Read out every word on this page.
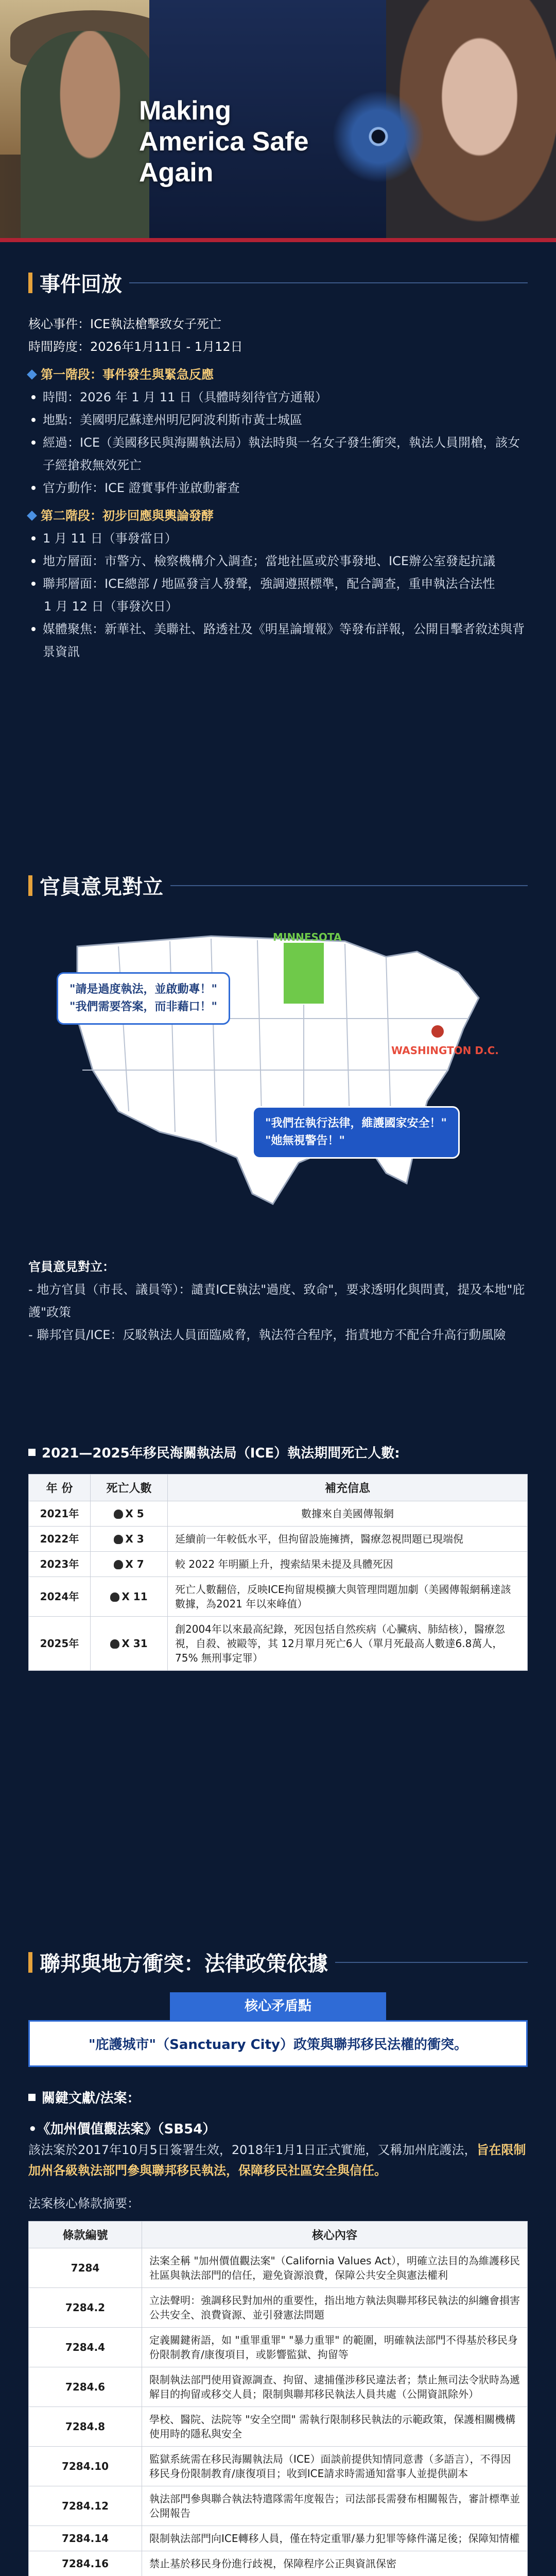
Making
America Safe
Again
事件回放
核心事件：ICE執法槍擊致女子死亡
時間跨度：2026年1月11日 - 1月12日
第一階段：事件發生與緊急反應
時間：2026 年 1 月 11 日（具體時刻待官方通報）
地點：美國明尼蘇達州明尼阿波利斯市黃士城區
經過：ICE（美國移民與海關執法局）執法時與一名女子發生衝突，執法人員開槍，該女子經搶救無效死亡
官方動作：ICE 證實事件並啟動審查
第二階段：初步回應與輿論發酵
1 月 11 日（事發當日）
地方層面：市警方、檢察機構介入調查；當地社區或於事發地、ICE辦公室發起抗議
聯邦層面：ICE總部 / 地區發言人發聲，強調遵照標準，配合調查，重申執法合法性
1 月 12 日（事發次日）
媒體聚焦：新華社、美聯社、路透社及《明星論壇報》等發布詳報，公開目擊者敘述與背景資訊
官員意見對立
MINNESOTA
WASHINGTON D.C.
"請是過度執法，並啟動專！"
"我們需要答案，而非藉口！"
"我們在執行法律，維護國家安全！"
"她無視警告！"
官員意見對立：
- 地方官員（市長、議員等）：譴責ICE執法"過度、致命"，要求透明化與問責，提及本地"庇護"政策
- 聯邦官員/ICE：反駁執法人員面臨威脅，執法符合程序，指責地方不配合升高行動風險
2021—2025年移民海關執法局（ICE）執法期間死亡人數:
年 份	死亡人數	補充信息
2021年	X 5	數據來自美國傳報網
2022年	X 3	延續前一年較低水平，但拘留設施擁擠，醫療忽視問題已現端倪
2023年	X 7	較 2022 年明顯上升，搜索結果未提及具體死因
2024年	X 11	死亡人數翻倍，反映ICE拘留規模擴大與管理問題加劇（美國傳報網稱達該數據，為2021 年以來峰值）
2025年	X 31	創2004年以來最高紀錄，死因包括自然疾病（心臟病、肺結核），醫療忽視，自殺、被毆等，其 12月單月死亡6人（單月死最高人數達6.8萬人，75% 無刑事定罪）
聯邦與地方衝突：法律政策依據
核心矛盾點
"庇護城市"（Sanctuary City）政策與聯邦移民法權的衝突。
關鍵文獻/法案：
•《加州價值觀法案》（SB54）
該法案於2017年10月5日簽署生效，2018年1月1日正式實施，又稱加州庇護法，旨在限制加州各級執法部門參與聯邦移民執法，保障移民社區安全與信任。
法案核心條款摘要：
條款編號	核心內容
7284	法案全稱 "加州價值觀法案"（California Values Act），明確立法目的為維護移民社區與執法部門的信任，避免資源浪費，保障公共安全與憲法權利
7284.2	立法聲明：強調移民對加州的重要性，指出地方執法與聯邦移民執法的糾纏會損害公共安全、浪費資源、並引發憲法問題
7284.4	定義關鍵術語，如 "重罪重罪" "暴力重罪" 的範圍，明確執法部門不得基於移民身份限制教育/康復項目，或影響監獄、拘留等
7284.6	限制執法部門使用資源調查、拘留、逮捕僅涉移民違法者；禁止無司法令狀時為遞解目的拘留或移交人員；限制與聯邦移民執法人員共處（公開資訊除外）
7284.8	學校、醫院、法院等 "安全空間" 需執行限制移民執法的示範政策，保護相關機構使用時的隱私與安全
7284.10	監獄系統需在移民海關執法局（ICE）面談前提供知情同意書（多語言），不得因移民身份限制教育/康復項目；收到ICE請求時需通知當事人並提供副本
7284.12	執法部門參與聯合執法特遣隊需年度報告；司法部長需發布相關報告，審計標準並公開報告
7284.14	限制執法部門向ICE轉移人員，僅在特定重罪/暴力犯罪等條件滿足後；保障知情權
7284.16	禁止基於移民身份進行歧視，保障程序公正與資訊保密
